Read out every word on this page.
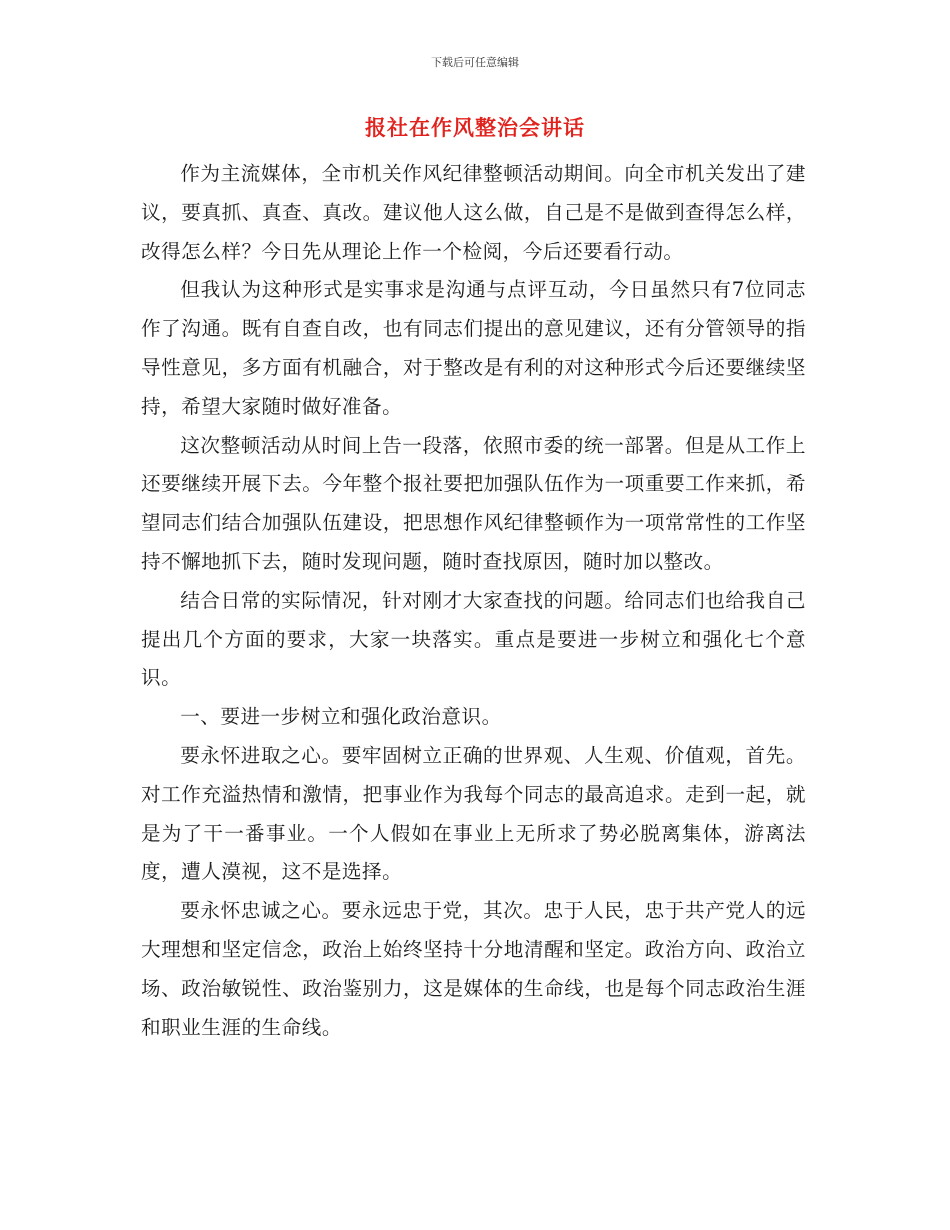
下载后可任意编辑
报社在作风整治会讲话

作为主流媒体，全市机关作风纪律整顿活动期间。向全市机关发出了建议，要真抓、真查、真改。建议他人这么做，自己是不是做到查得怎么样，改得怎么样？今日先从理论上作一个检阅，今后还要看行动。

但我认为这种形式是实事求是沟通与点评互动，今日虽然只有7位同志作了沟通。既有自查自改，也有同志们提出的意见建议，还有分管领导的指导性意见，多方面有机融合，对于整改是有利的对这种形式今后还要继续坚持，希望大家随时做好准备。

这次整顿活动从时间上告一段落，依照市委的统一部署。但是从工作上还要继续开展下去。今年整个报社要把加强队伍作为一项重要工作来抓，希望同志们结合加强队伍建设，把思想作风纪律整顿作为一项常常性的工作坚持不懈地抓下去，随时发现问题，随时查找原因，随时加以整改。

结合日常的实际情况，针对刚才大家查找的问题。给同志们也给我自己提出几个方面的要求，大家一块落实。重点是要进一步树立和强化七个意识。

一、要进一步树立和强化政治意识。

要永怀进取之心。要牢固树立正确的世界观、人生观、价值观，首先。对工作充溢热情和激情，把事业作为我每个同志的最高追求。走到一起，就是为了干一番事业。一个人假如在事业上无所求了势必脱离集体，游离法度，遭人漠视，这不是选择。

要永怀忠诚之心。要永远忠于党，其次。忠于人民，忠于共产党人的远大理想和坚定信念，政治上始终坚持十分地清醒和坚定。政治方向、政治立场、政治敏锐性、政治鉴别力，这是媒体的生命线，也是每个同志政治生涯和职业生涯的生命线。
